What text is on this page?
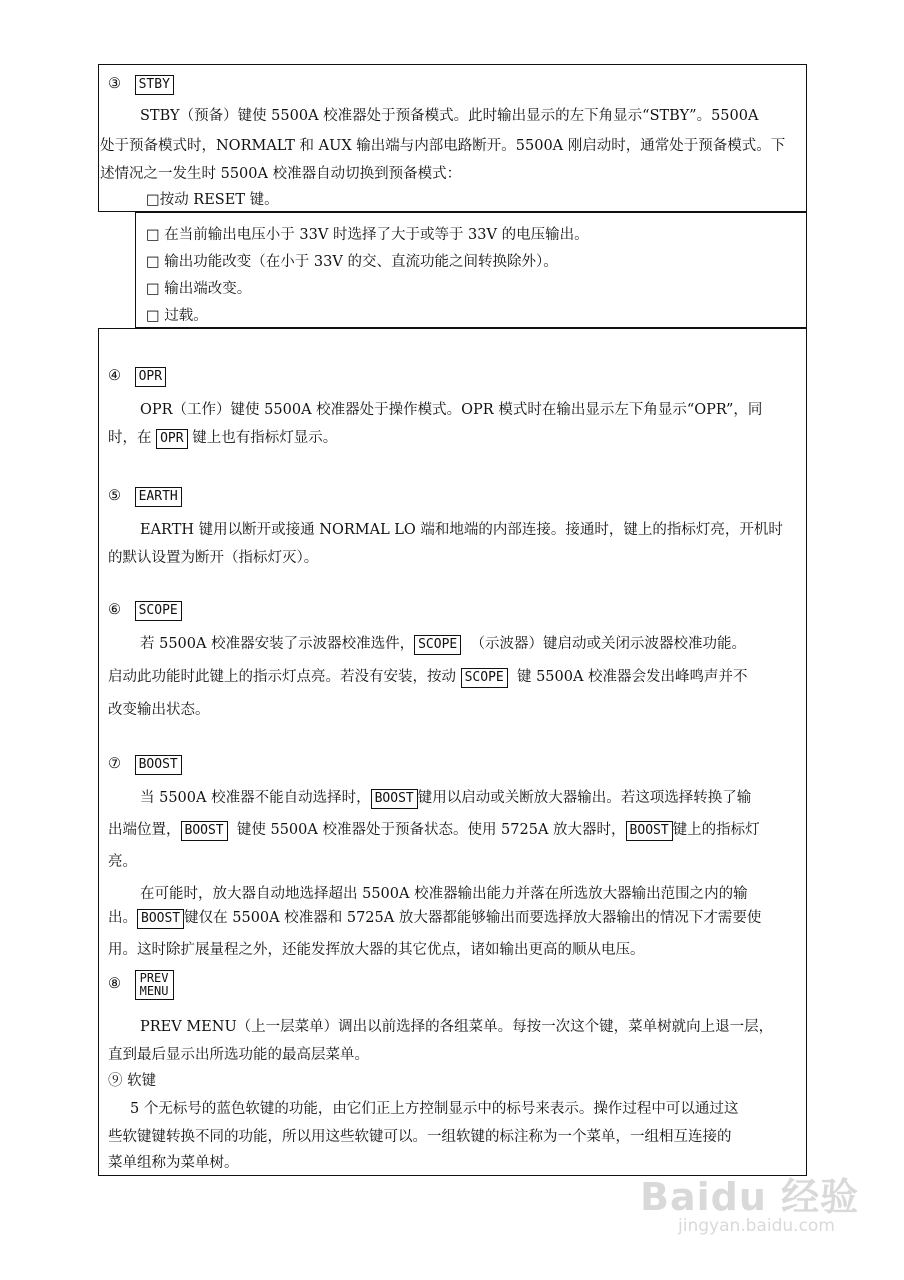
③ STBY
STBY（预备）键使 5500A 校准器处于预备模式。此时输出显示的左下角显示“STBY”。5500A
处于预备模式时，NORMALT 和 AUX 输出端与内部电路断开。5500A 刚启动时，通常处于预备模式。下
述情况之一发生时 5500A 校准器自动切换到预备模式：
□按动 RESET 键。
□ 在当前输出电压小于 33V 时选择了大于或等于 33V 的电压输出。
□ 输出功能改变（在小于 33V 的交、直流功能之间转换除外）。
□ 输出端改变。
□ 过载。
④ OPR
OPR（工作）键使 5500A 校准器处于操作模式。OPR 模式时在输出显示左下角显示“OPR”，同
时，在 OPR 键上也有指标灯显示。
⑤ EARTH
EARTH 键用以断开或接通 NORMAL LO 端和地端的内部连接。接通时，键上的指标灯亮，开机时
的默认设置为断开（指标灯灭）。
⑥ SCOPE
若 5500A 校准器安装了示波器校准选件， SCOPE （示波器）键启动或关闭示波器校准功能。
启动此功能时此键上的指示灯点亮。若没有安装，按动 SCOPE 键 5500A 校准器会发出峰鸣声并不
改变输出状态。
⑦ BOOST
当 5500A 校准器不能自动选择时， BOOST 键用以启动或关断放大器输出。若这项选择转换了输
出端位置， BOOST 键使 5500A 校准器处于预备状态。使用 5725A 放大器时， BOOST 键上的指标灯
亮。
在可能时，放大器自动地选择超出 5500A 校准器输出能力并落在所选放大器输出范围之内的输
出。 BOOST 键仅在 5500A 校准器和 5725A 放大器都能够输出而要选择放大器输出的情况下才需要使
用。这时除扩展量程之外，还能发挥放大器的其它优点，诸如输出更高的顺从电压。
⑧ PREV
MENU
PREV MENU（上一层菜单）调出以前选择的各组菜单。每按一次这个键，菜单树就向上退一层，
直到最后显示出所选功能的最高层菜单。
⑨ 软键
5 个无标号的蓝色软键的功能，由它们正上方控制显示中的标号来表示。操作过程中可以通过这
些软键键转换不同的功能，所以用这些软键可以。一组软键的标注称为一个菜单，一组相互连接的
菜单组称为菜单树。
Baidu 经验
jingyan.baidu.com
